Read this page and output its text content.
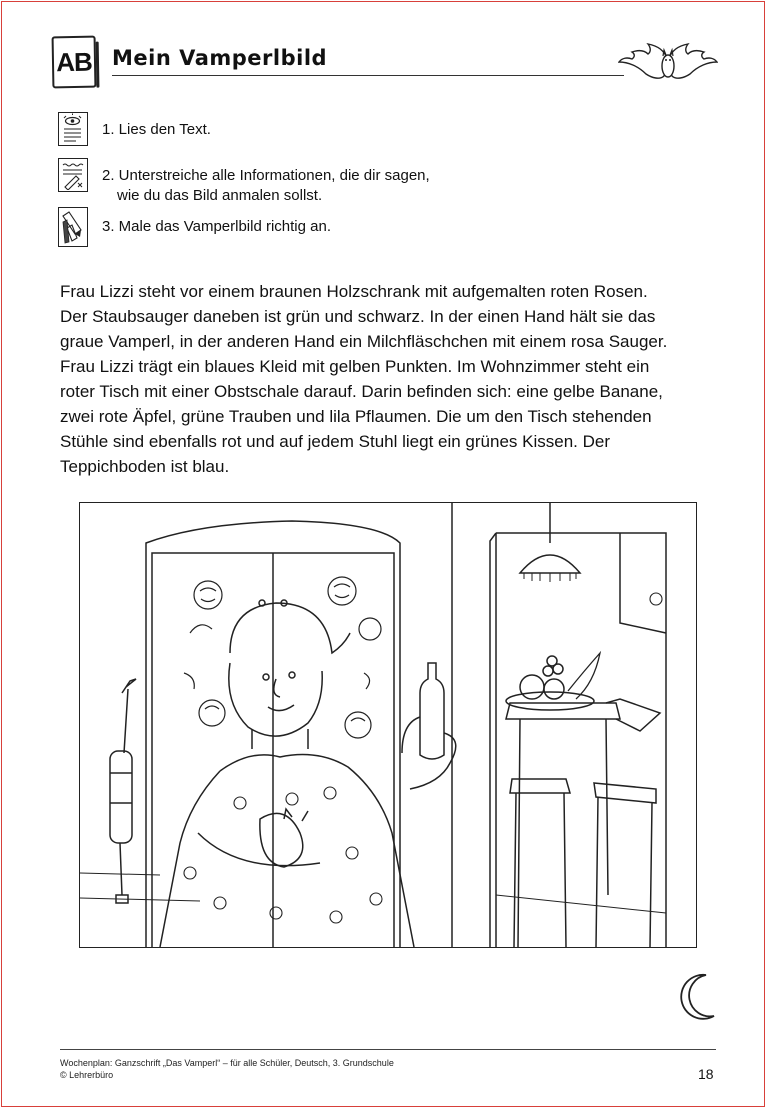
AB Mein Vamperlbild
1. Lies den Text.
2. Unterstreiche alle Informationen, die dir sagen,
wie du das Bild anmalen sollst.
3. Male das Vamperlbild richtig an.

Frau Lizzi steht vor einem braunen Holzschrank mit aufgemalten roten Rosen.

Der Staubsauger daneben ist grün und schwarz. In der einen Hand hält sie das

graue Vamperl, in der anderen Hand ein Milchfläschchen mit einem rosa Sauger.

Frau Lizzi trägt ein blaues Kleid mit gelben Punkten. Im Wohnzimmer steht ein

roter Tisch mit einer Obstschale darauf. Darin befinden sich: eine gelbe Banane,

zwei rote Äpfel, grüne Trauben und lila Pflaumen. Die um den Tisch stehenden

Stühle sind ebenfalls rot und auf jedem Stuhl liegt ein grünes Kissen. Der

Teppichboden ist blau.

Wochenplan: Ganzschrift „Das Vamperl“ – für alle Schüler, Deutsch, 3. Grundschule
© Lehrerbüro	18
